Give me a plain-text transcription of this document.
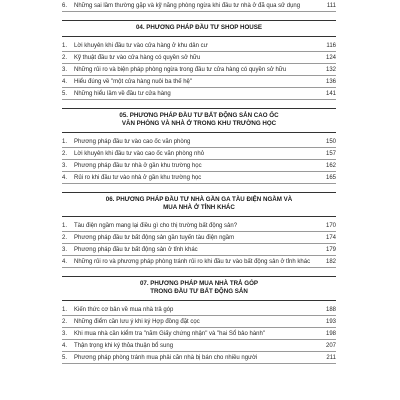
6.	Những sai lầm thường gặp và kỹ năng phòng ngừa khi đầu tư nhà ở đã qua sử dụng	111
04. PHƯƠNG PHÁP ĐẦU TƯ SHOP HOUSE
1.	Lời khuyên khi đầu tư vào cửa hàng ở khu dân cư	116
2.	Kỹ thuật đầu tư vào cửa hàng có quyền sở hữu	124
3.	Những rủi ro và biện pháp phòng ngừa trong đầu tư cửa hàng có quyền sở hữu	132
4.	Hiểu đúng về "một cửa hàng nuôi ba thế hệ"	136
5.	Những hiểu lầm về đầu tư cửa hàng	141
05. PHƯƠNG PHÁP ĐẦU TƯ BẤT ĐỘNG SẢN CAO ỐC
VĂN PHÒNG VÀ NHÀ Ở TRONG KHU TRƯỜNG HỌC
1.	Phương pháp đầu tư vào cao ốc văn phòng	150
2.	Lời khuyên khi đầu tư vào cao ốc văn phòng nhỏ	157
3.	Phương pháp đầu tư nhà ở gần khu trường học	162
4.	Rủi ro khi đầu tư vào nhà ở gần khu trường học	165
06. PHƯƠNG PHÁP ĐẦU TƯ NHÀ GẦN GA TÀU ĐIỆN NGẦM VÀ
MUA NHÀ Ở TỈNH KHÁC
1.	Tàu điện ngầm mang lại điều gì cho thị trường bất động sản?	170
2.	Phương pháp đầu tư bất động sản gần tuyến tàu điện ngầm	174
3.	Phương pháp đầu tư bất động sản ở tỉnh khác	179
4.	Những rủi ro và phương pháp phòng tránh rủi ro khi đầu tư vào bất động sản ở tỉnh khác	182
07. PHƯƠNG PHÁP MUA NHÀ TRẢ GÓP
TRONG ĐẦU TƯ BẤT ĐỘNG SẢN
1.	Kiến thức cơ bản về mua nhà trả góp	188
2.	Những điểm cần lưu ý khi ký Hợp đồng đặt cọc	193
3.	Khi mua nhà cần kiểm tra "năm Giấy chứng nhận" và "hai Sổ bảo hành"	198
4.	Thận trọng khi ký thỏa thuận bổ sung	207
5.	Phương pháp phòng tránh mua phải căn nhà bị bán cho nhiều người	211
